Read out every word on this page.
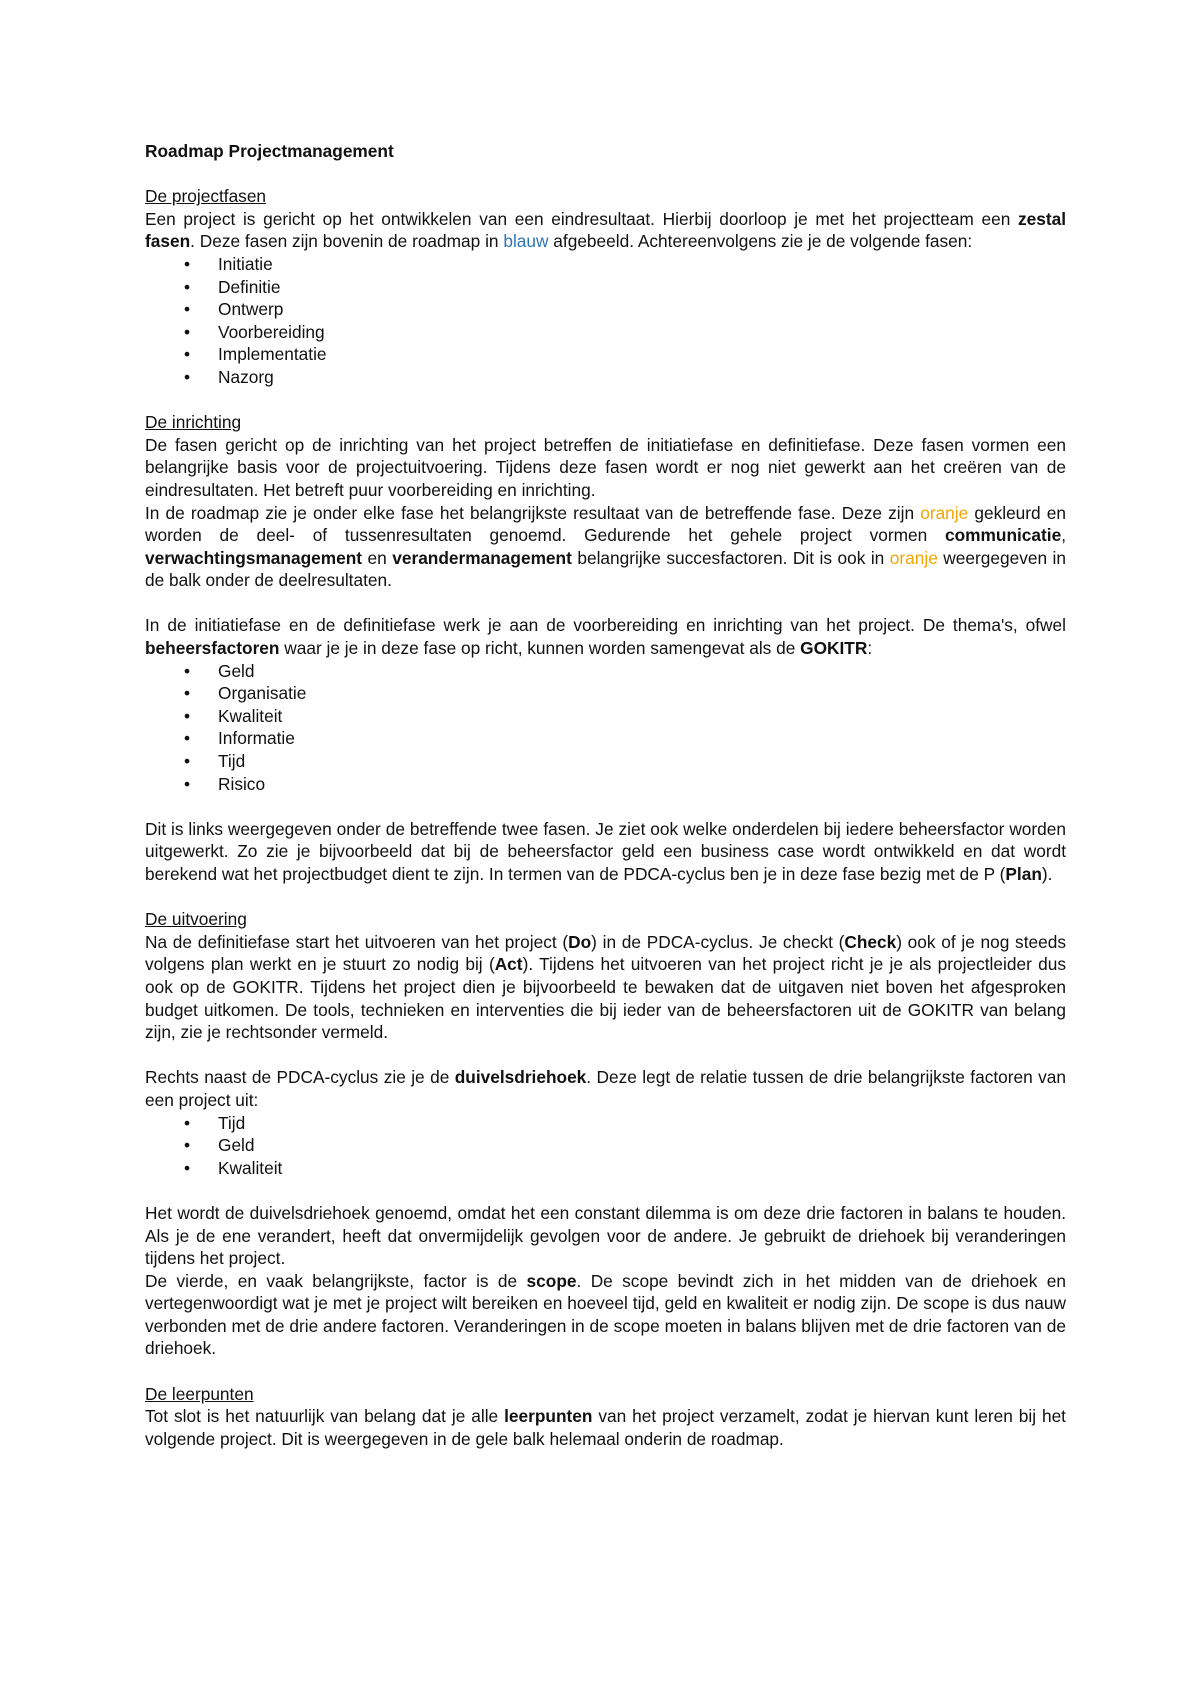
Roadmap Projectmanagement
De projectfasen

Een project is gericht op het ontwikkelen van een eindresultaat. Hierbij doorloop je met het projectteam een zestal fasen. Deze fasen zijn bovenin de roadmap in blauw afgebeeld. Achtereenvolgens zie je de volgende fasen:

• Initiatie
• Definitie
• Ontwerp
• Voorbereiding
• Implementatie
• Nazorg
De inrichting

De fasen gericht op de inrichting van het project betreffen de initiatiefase en definitiefase. Deze fasen vormen een belangrijke basis voor de projectuitvoering. Tijdens deze fasen wordt er nog niet gewerkt aan het creëren van de eindresultaten. Het betreft puur voorbereiding en inrichting.

In de roadmap zie je onder elke fase het belangrijkste resultaat van de betreffende fase. Deze zijn oranje gekleurd en worden de deel- of tussenresultaten genoemd. Gedurende het gehele project vormen communicatie, verwachtingsmanagement en verandermanagement belangrijke succesfactoren. Dit is ook in oranje weergegeven in de balk onder de deelresultaten.

In de initiatiefase en de definitiefase werk je aan de voorbereiding en inrichting van het project. De thema's, ofwel beheersfactoren waar je je in deze fase op richt, kunnen worden samengevat als de GOKITR:

• Geld
• Organisatie
• Kwaliteit
• Informatie
• Tijd
• Risico

Dit is links weergegeven onder de betreffende twee fasen. Je ziet ook welke onderdelen bij iedere beheersfactor worden uitgewerkt. Zo zie je bijvoorbeeld dat bij de beheersfactor geld een business case wordt ontwikkeld en dat wordt berekend wat het projectbudget dient te zijn. In termen van de PDCA-cyclus ben je in deze fase bezig met de P (Plan).

De uitvoering

Na de definitiefase start het uitvoeren van het project (Do) in de PDCA-cyclus. Je checkt (Check) ook of je nog steeds volgens plan werkt en je stuurt zo nodig bij (Act). Tijdens het uitvoeren van het project richt je je als projectleider dus ook op de GOKITR. Tijdens het project dien je bijvoorbeeld te bewaken dat de uitgaven niet boven het afgesproken budget uitkomen. De tools, technieken en interventies die bij ieder van de beheersfactoren uit de GOKITR van belang zijn, zie je rechtsonder vermeld.

Rechts naast de PDCA-cyclus zie je de duivelsdriehoek. Deze legt de relatie tussen de drie belangrijkste factoren van een project uit:

• Tijd
• Geld
• Kwaliteit

Het wordt de duivelsdriehoek genoemd, omdat het een constant dilemma is om deze drie factoren in balans te houden. Als je de ene verandert, heeft dat onvermijdelijk gevolgen voor de andere. Je gebruikt de driehoek bij veranderingen tijdens het project.

De vierde, en vaak belangrijkste, factor is de scope. De scope bevindt zich in het midden van de driehoek en vertegenwoordigt wat je met je project wilt bereiken en hoeveel tijd, geld en kwaliteit er nodig zijn. De scope is dus nauw verbonden met de drie andere factoren. Veranderingen in de scope moeten in balans blijven met de drie factoren van de driehoek.

De leerpunten

Tot slot is het natuurlijk van belang dat je alle leerpunten van het project verzamelt, zodat je hiervan kunt leren bij het volgende project. Dit is weergegeven in de gele balk helemaal onderin de roadmap.
